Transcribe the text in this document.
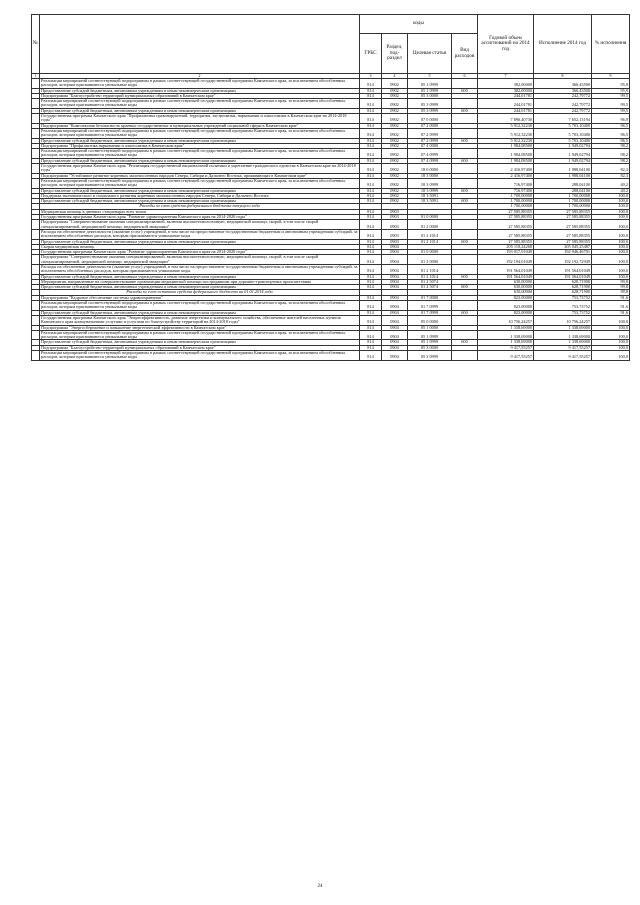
№		коды				Годовой объем ассигнований на 2014 год	Исполнение 2014 год	% исполнения
		ГРБС	Раздел, под-раздел	Целевая статья	Вид расходов			
1	2	3	4	5	6	7	8	9
	Реализация мероприятий соответствующей подпрограммы в рамках соответствующей государственной программы Камчатского края, за исключением обособленных расходов, которым присваиваются уникальные коды	814	0902	05 1 0999		382,00000	366,43500	95,9
	Предоставление субсидий бюджетным, автономным учреждениям и иным некоммерческим организациям	814	0902	05 1 0999	600	382,00000	366,43500	95,9
	Подпрограмма "Благоустройство территорий муниципальных образований в Камчатском крае"	814	0902	05 3 0000		244,01781	242,79772	99,5
	Реализация мероприятий соответствующей подпрограммы в рамках соответствующей государственной программы Камчатского края, за исключением обособленных расходов, которым присваиваются уникальные коды	814	0902	05 3 0999		244,01781	242,79772	99,5
	Предоставление субсидий бюджетным, автономным учреждениям и иным некоммерческим организациям	814	0902	05 3 0999	600	244,01781	242,79772	99,5
	Государственная программа Камчатского края "Профилактика правонарушений, терроризма, экстремизма, наркомании и алкоголизма в Камчатском крае на 2014-2018 годы"	814	0902	07 0 0000		7 896,40730	7 652,13194	96,9
	Подпрограмма "Комплексная безопасность краевых государственных и муниципальных учреждений социальной сферы в Камчатском крае"	814	0902	07 2 0000		5 912,32230	5 703,10400	96,5
	Реализация мероприятий соответствующей подпрограммы в рамках соответствующей государственной программы Камчатского края, за исключением обособленных расходов, которым присваиваются уникальные коды	814	0902	07 2 0999		5 912,32230	5 703,10400	96,5
	Предоставление субсидий бюджетным, автономным учреждениям и иным некоммерческим организациям	814	0902	07 2 0999	600	5 912,32230	5 703,10400	96,5
	Подпрограмма "Профилактика наркомании и алкоголизма в Камчатском крае"	814	0902	07 4 0000		1 984,08500	1 949,02794	98,2
	Реализация мероприятий соответствующей подпрограммы в рамках соответствующей государственной программы Камчатского края, за исключением обособленных расходов, которым присваиваются уникальные коды	814	0902	07 4 0999		1 984,08500	1 949,02794	98,2
	Предоставление субсидий бюджетным, автономным учреждениям и иным некоммерческим организациям	814	0902	07 4 0999	600	1 984,08500	1 949,02794	98,2
	Государственная программа Камчатского края "Реализация государственной национальной политики и укрепление гражданского единства в Камчатском крае на 2014-2018 годы"	814	0902	18 0 0000		2 416,97400	1 988,04100	82,3
	Подпрограмма "Устойчивое развитие коренных малочисленных народов Севера, Сибири и Дальнего Востока, проживающих в Камчатском крае"	814	0902	18 3 0000		2 416,97400	1 988,04100	82,3
	Реализация мероприятий соответствующей подпрограммы в рамках соответствующей государственной программы Камчатского края, за исключением обособленных расходов, которым присваиваются уникальные коды	814	0902	18 3 0999		716,97400	288,04100	40,2
	Предоставление субсидий бюджетным, автономным учреждениям и иным некоммерческим организациям	814	0902	18 3 0999	600	716,97400	288,04100	40,2
	Поддержка экономического и социального развития коренных малочисленных народов Севера, Сибири и Дальнего Востока	814	0902	18 3 5091		1 700,00000	1 700,00000	100,0
	Предоставление субсидий бюджетным, автономным учреждениям и иным некоммерческим организациям	814	0902	18 3 5091	600	1 700,00000	1 700,00000	100,0
	Расходы за счет средств федерального бюджета текущего года					1 700,00000	1 700,00000	100,0
	Медицинская помощь в дневных стационарах всех типов	814	0903			27 585,88355	27 585,88355	100,0
	Государственная программа Камчатского края "Развитие здравоохранения Камчатского края на 2014-2020 годы"	814	0903	01 0 0000		27 585,88355	27 585,88355	100,0
	Подпрограмма "Совершенствование оказания специализированной, включая высокотехнологичную, медицинской помощи, скорой, в том числе скорой специализированной, медицинской помощи, медицинской эвакуации"	814	0903	01 2 0000		27 585,88355	27 585,88355	100,0
	Расходы на обеспечение деятельности (оказание услуг) учреждений, в том числе на предоставление государственным бюджетным и автономным учреждениям субсидий, за исключением обособленных расходов, которым присваиваются уникальные коды	814	0903	01 2 1014		27 585,88355	27 585,88355	100,0
	Предоставление субсидий бюджетным, автономным учреждениям и иным некоммерческим организациям	814	0903	01 2 1014	600	27 585,88355	27 585,88355	100,0
	Скорая медицинская помощь	814	0904			205 118,24268	205 045,25487	100,0
	Государственная программа Камчатского края "Развитие здравоохранения Камчатского края на 2014-2020 годы"	814	0904	01 0 0000		193 017,01049	192 946,46701	100,0
	Подпрограмма "Совершенствование оказания специализированной, включая высокотехнологичную, медицинской помощи, скорой, в том числе скорой специализированной, медицинской помощи, медицинской эвакуации"	814	0904	01 2 0000		192 194,01049	192 192,72949	100,0
	Расходы на обеспечение деятельности (оказание услуг) учреждений, в том числе на предоставление государственным бюджетным и автономным учреждениям субсидий, за исключением обособленных расходов, которым присваиваются уникальные коды	814	0904	01 2 1014		191 564,01049	191 564,01049	100,0
	Предоставление субсидий бюджетным, автономным учреждениям и иным некоммерческим организациям	814	0904	01 2 1014	600	191 564,01049	191 564,01049	100,0
	Мероприятия, направленные на совершенствование организации медицинской помощи пострадавшим при дорожно-транспортных происшествиях	814	0904	01 2 5074		630,00000	628,71900	99,8
	Предоставление субсидий бюджетным, автономным учреждениям и иным некоммерческим организациям	814	0904	01 2 5074	600	630,00000	628,71900	99,8
	Расходы за счет остатков средств федерального бюджета на 01.01.2014 года					630,00000	628,71900	99,8
	Подпрограмма "Кадровое обеспечение системы здравоохранения"	814	0904	01 7 0000		823,00000	753,73752	91,6
	Реализация мероприятий соответствующей подпрограммы в рамках соответствующей государственной программы Камчатского края, за исключением обособленных расходов, которым присваиваются уникальные коды	814	0904	01 7 0999		823,00000	753,73752	91,6
	Предоставление субсидий бюджетным, автономным учреждениям и иным некоммерческим организациям	814	0904	01 7 0999	600	823,00000	753,73752	91,6
	Государственная программа Камчатского края "Энергоэффективность, развитие энергетики и коммунального хозяйства, обеспечение жителей населенных пунктов Камчатского края коммунальными услугами и услугами по благоустройству территорий на 2014-2018 годы"	814	0904	05 0 0000		10 756,24257	10 756,24257	100,0
	Подпрограмма "Энергосбережение и повышение энергетической эффективности в Камчатском крае"	814	0904	05 1 0000		1 338,69000	1 338,69000	100,0
	Реализация мероприятий соответствующей подпрограммы в рамках соответствующей государственной программы Камчатского края, за исключением обособленных расходов, которым присваиваются уникальные коды	814	0904	05 1 0999		1 338,69000	1 338,69000	100,0
	Предоставление субсидий бюджетным, автономным учреждениям и иным некоммерческим организациям	814	0904	05 1 0999	600	1 338,69000	1 338,69000	100,0
	Подпрограмма "Благоустройство территорий муниципальных образований в Камчатском крае"	814	0904	05 3 0000		9 417,55257	9 417,55257	100,0
	Реализация мероприятий соответствующей подпрограммы в рамках соответствующей государственной программы Камчатского края, за исключением обособленных расходов, которым присваиваются уникальные коды	814	0904	05 3 0999		9 417,55257	9 417,55257	100,0
24
